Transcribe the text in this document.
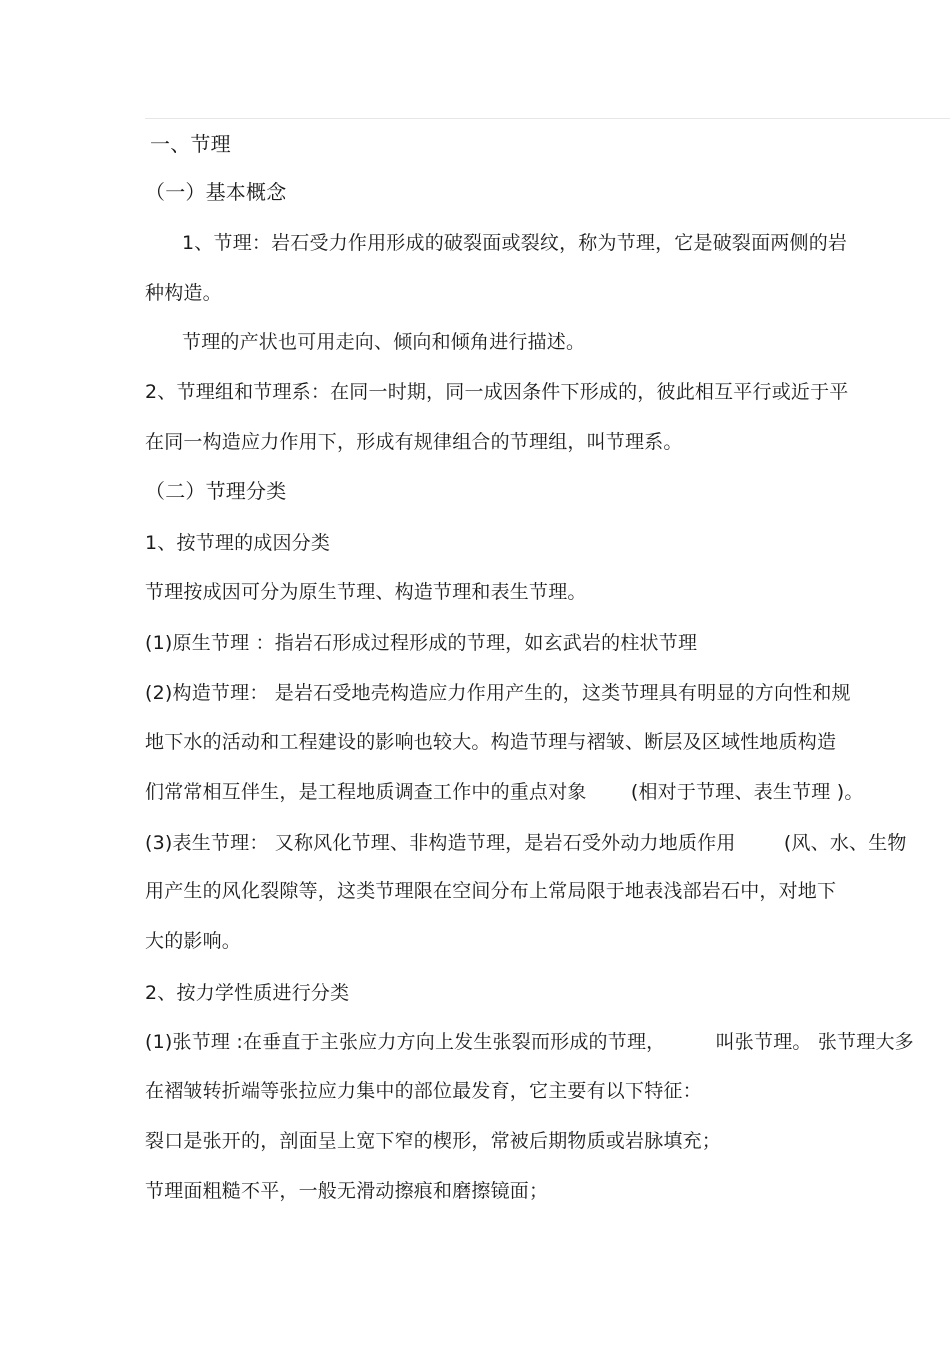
一、节理
（一）基本概念
1、节理：岩石受力作用形成的破裂面或裂纹，称为节理，它是破裂面两侧的岩
种构造。
节理的产状也可用走向、倾向和倾角进行描述。
2、节理组和节理系：在同一时期，同一成因条件下形成的，彼此相互平行或近于平
在同一构造应力作用下，形成有规律组合的节理组，叫节理系。
（二）节理分类
1、按节理的成因分类
节理按成因可分为原生节理、构造节理和表生节理。
(1)原生节理 ：指岩石形成过程形成的节理，如玄武岩的柱状节理
(2)构造节理： 是岩石受地壳构造应力作用产生的，这类节理具有明显的方向性和规
地下水的活动和工程建设的影响也较大。构造节理与褶皱、断层及区域性地质构造
们常常相互伴生，是工程地质调查工作中的重点对象 (相对于节理、表生节理 )。
(3)表生节理： 又称风化节理、非构造节理，是岩石受外动力地质作用	(风、水、生物
用产生的风化裂隙等，这类节理限在空间分布上常局限于地表浅部岩石中，对地下
大的影响。
2、按力学性质进行分类
(1)张节理 :在垂直于主张应力方向上发生张裂而形成的节理，	叫张节理。 张节理大多
在褶皱转折端等张拉应力集中的部位最发育，它主要有以下特征：
裂口是张开的，剖面呈上宽下窄的楔形，常被后期物质或岩脉填充；
节理面粗糙不平，一般无滑动擦痕和磨擦镜面；
